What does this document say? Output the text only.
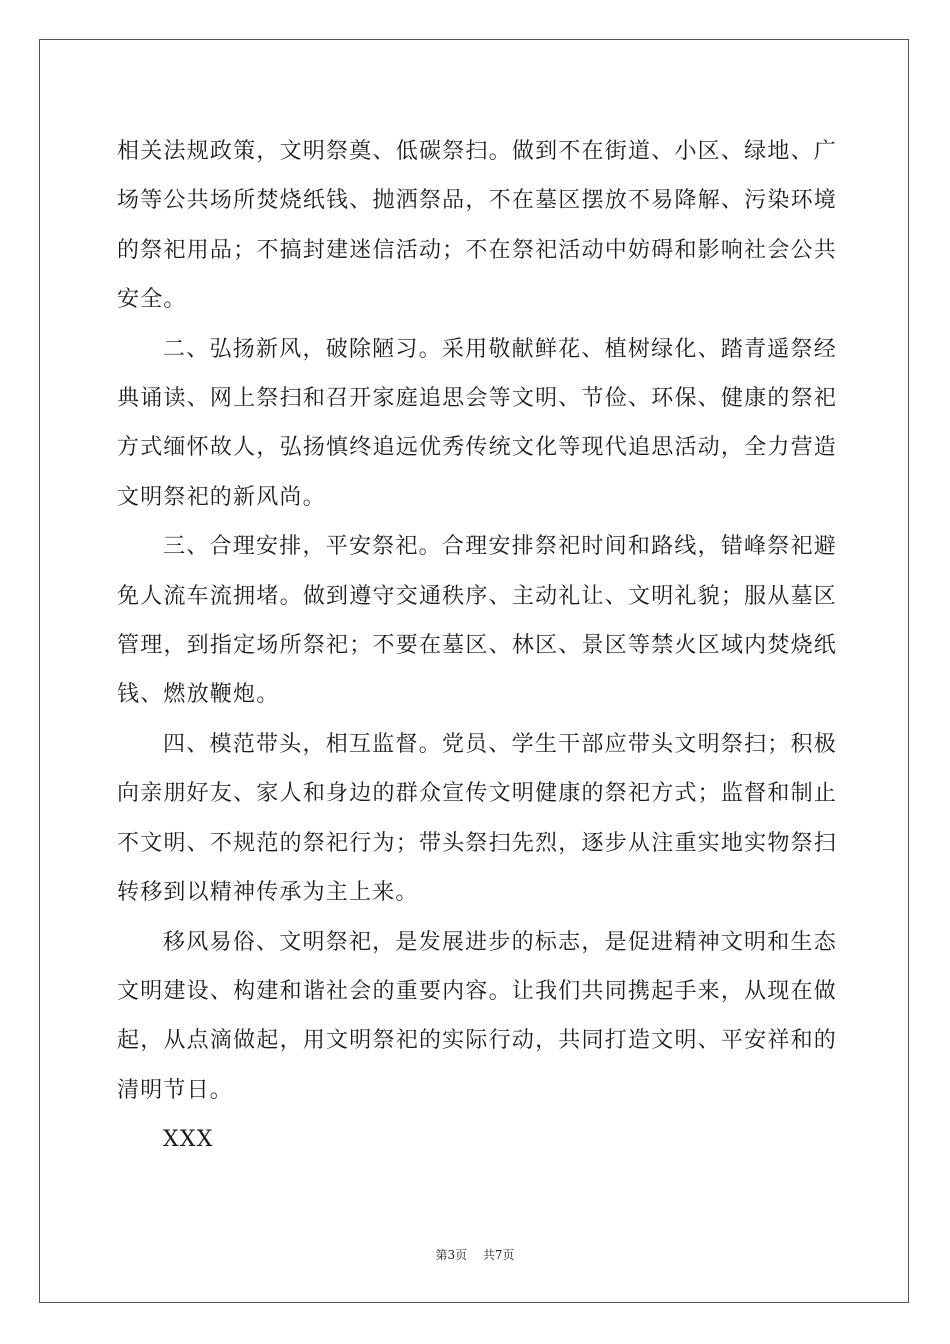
相关法规政策，文明祭奠、低碳祭扫。做到不在街道、小区、绿地、广场等公共场所焚烧纸钱、抛洒祭品，不在墓区摆放不易降解、污染环境的祭祀用品；不搞封建迷信活动；不在祭祀活动中妨碍和影响社会公共安全。

二、弘扬新风，破除陋习。采用敬献鲜花、植树绿化、踏青遥祭经典诵读、网上祭扫和召开家庭追思会等文明、节俭、环保、健康的祭祀方式缅怀故人，弘扬慎终追远优秀传统文化等现代追思活动，全力营造文明祭祀的新风尚。

三、合理安排，平安祭祀。合理安排祭祀时间和路线，错峰祭祀避免人流车流拥堵。做到遵守交通秩序、主动礼让、文明礼貌；服从墓区管理，到指定场所祭祀；不要在墓区、林区、景区等禁火区域内焚烧纸钱、燃放鞭炮。

四、模范带头，相互监督。党员、学生干部应带头文明祭扫；积极向亲朋好友、家人和身边的群众宣传文明健康的祭祀方式；监督和制止不文明、不规范的祭祀行为；带头祭扫先烈，逐步从注重实地实物祭扫转移到以精神传承为主上来。

移风易俗、文明祭祀，是发展进步的标志，是促进精神文明和生态文明建设、构建和谐社会的重要内容。让我们共同携起手来，从现在做起，从点滴做起，用文明祭祀的实际行动，共同打造文明、平安祥和的清明节日。

XXX

第3页 共7页
